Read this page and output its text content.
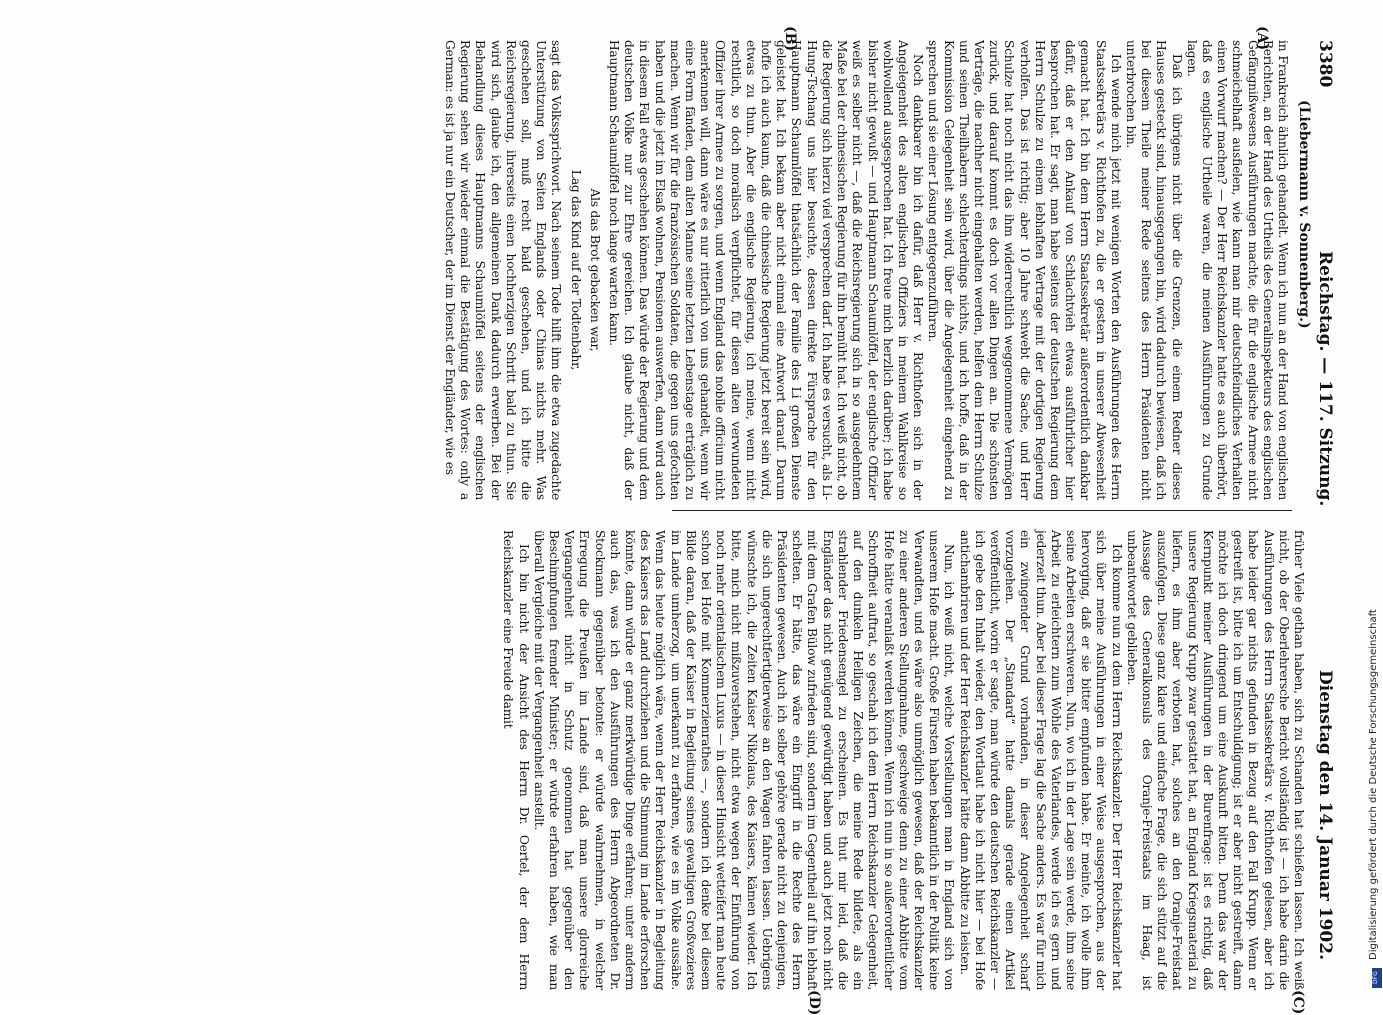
3380
Reichstag. — 117. Sitzung.
Dienstag den 14. Januar 1902.
(Liebermann v. Sonnenberg.)
(A)
(B)
(C)
(D)

in Frankreich ähnlich gehandelt. Wenn ich nun an der Hand von englischen Berichten, an der Hand des Urtheils des Generalinspekteurs des englischen Gefängnißwesens Ausführungen machte, die für die englische Armee nicht schmeichelhaft ausfielen, wie kann man mir deutschfeindliches Verhalten einen Vorwurf machen? — Der Herr Reichskanzler hatte es auch überhört, daß es englische Urtheile waren, die meinen Ausführungen zu Grunde lagen.

Daß ich übrigens nicht über die Grenzen, die einem Redner dieses Hauses gesteckt sind, hinausgegangen bin, wird dadurch bewiesen, daß ich bei diesem Theile meiner Rede seitens des Herrn Präsidenten nicht unterbrochen bin.

Ich wende mich jetzt mit wenigen Worten den Ausführungen des Herrn Staatssekretärs v. Richthofen zu, die er gestern in unserer Abwesenheit gemacht hat. Ich bin dem Herrn Staatssekretär außerordentlich dankbar dafür, daß er den Ankauf von Schlachtvieh etwas ausführlicher hier besprochen hat. Er sagt, man habe seitens der deutschen Regierung dem Herrn Schulze zu einem lebhaften Vertrage mit der dortigen Regierung verholfen. Das ist richtig; aber 10 Jahre schwebt die Sache, und Herr Schulze hat noch nicht das ihm widerrechtlich weggenommene Vermögen zurück, und darauf kommt es doch vor allen Dingen an. Die schönsten Verträge, die nachher nicht eingehalten werden, helfen dem Herrn Schulze und seinen Theilhabern schlechterdings nichts, und ich hoffe, daß in der Kommission Gelegenheit sein wird, über die Angelegenheit eingehend zu sprechen und sie einer Lösung entgegenzuführen.

Noch dankbarer bin ich dafür, daß Herr v. Richthofen sich in der Angelegenheit des alten englischen Offiziers in meinem Wahlkreise so wohlwollend ausgesprochen hat. Ich freue mich herzlich darüber; ich habe bisher nicht gewußt — und Hauptmann Schaumlöffel, der englische Offizier weiß es selber nicht —, daß die Reichsregierung sich in so ausgedehntem Maße bei der chinesischen Regierung für ihn bemüht hat. Ich weiß nicht, ob die Regierung sich hierzu viel versprechen darf. Ich habe es versucht, als Li-Hung-Tschang uns hier besuchte, dessen direkte Fürsprache für den Hauptmann Schaumlöffel thatsächlich der Familie des Li großen Dienste geleistet hat. Ich bekam aber nicht einmal eine Antwort darauf. Darum hoffe ich auch kaum, daß die chinesische Regierung jetzt bereit sein wird, etwas zu thun. Aber die englische Regierung, ich meine, wenn nicht rechtlich, so doch moralisch verpflichtet, für diesen alten verwundeten Offizier ihrer Armee zu sorgen, und wenn England das nobile officium nicht anerkennen will, dann wäre es nur ritterlich von uns gehandelt, wenn wir eine Form fänden, dem alten Manne seine letzten Lebenstage erträglich zu machen. Wenn wir für die französischen Soldaten, die gegen uns gefochten haben und die jetzt im Elsaß wohnen, Pensionen auswerfen, dann wird auch in diesem Fall etwas geschehen können. Das würde der Regierung und dem deutschen Volke nur zur Ehre gereichen. Ich glaube nicht, daß der Hauptmann Schaumlöffel noch lange warten kann.

Als das Brot gebacken war,

Lag das Kind auf der Todtenbahr,

sagt das Volkssprichwort. Nach seinem Tode hilft ihm die etwa zugedachte Unterstützung von Seiten Englands oder Chinas nichts mehr. Was geschehen soll, muß recht bald geschehen, und ich bitte die Reichsregierung, ihrerseits einen hochherzigen Schritt bald zu thun. Sie wird sich, glaube ich, den allgemeinen Dank dadurch erwerben. Bei der Behandlung dieses Hauptmanns Schaumlöffel seitens der englischen Regierung sehen wir wieder einmal die Bestätigung des Wortes: only a German: es ist ja nur ein Deutscher, der im Dienst der Engländer, wie es

früher Viele gethan haben, sich zu Schanden hat schießen lassen. Ich weiß nicht, ob der Oberlehrersche Bericht vollständig ist — ich habe darin die Ausführungen des Herrn Staatssekretärs v. Richthofen gelesen, aber ich habe leider gar nichts gefunden in Bezug auf den Fall Krupp. Wenn er gestreift ist, bitte ich um Entschuldigung; ist er aber nicht gestreift, dann möchte ich doch dringend um eine Auskunft bitten. Denn das war der Kernpunkt meiner Ausführungen in der Burenfrage: ist es richtig, daß unsere Regierung Krupp zwar gestattet hat, an England Kriegsmaterial zu liefern, es ihm aber verboten hat, solches an den Oranje-Freistaat auszufolgen. Diese ganz klare und einfache Frage, die sich stützt auf die Aussage des Generalkonsuls des Oranje-Freistaats im Haag, ist unbeantwortet geblieben.

Ich komme nun zu dem Herrn Reichskanzler. Der Herr Reichskanzler hat sich über meine Ausführungen in einer Weise ausgesprochen, aus der hervorging, daß er sie bitter empfunden habe. Er meinte, ich wolle ihm seine Arbeiten erschweren. Nun, wo ich in der Lage sein werde, ihm seine Arbeit zu erleichtern zum Wohle des Vaterlandes, werde ich es gern und jederzeit thun. Aber bei dieser Frage lag die Sache anders. Es war für mich ein zwingender Grund vorhanden, in dieser Angelegenheit scharf vorzugehen. Der „Standard“ hatte damals gerade einen Artikel veröffentlicht, worin er sagte, man würde den deutschen Reichskanzler — ich gebe den Inhalt wieder, den Wortlaut habe ich nicht hier — bei Hofe antichambriren und der Herr Reichskanzler hätte dann Abbitte zu leisten.

Nun, ich weiß nicht, welche Vorstellungen man in England sich von unserem Hofe macht. Große Fürsten haben bekanntlich in der Politik keine Verwandten, und es wäre also unmöglich gewesen, daß der Reichskanzler zu einer anderen Stellungnahme, geschweige denn zu einer Abbitte vom Hofe hätte veranlaßt werden können. Wenn ich nun in so außerordentlicher Schroffheit auftrat, so geschah ich dem Herrn Reichskanzler Gelegenheit, auf den dunkeln Heiligen Zeichen, die meine Rede bildete, als ein strahlender Friedensengel zu erscheinen. Es thut mir leid, daß die Engländer das nicht genügend gewürdigt haben und auch jetzt noch nicht mit dem Grafen Bülow zufrieden sind, sondern im Gegentheil auf ihn lebhaft schelten. Er hätte, das wäre ein Eingriff in die Rechte des Herrn Präsidenten gewesen. Auch ich selber gehöre gerade nicht zu denjenigen, die sich ungerechtfertigterweise an den Wagen fahren lassen. Uebrigens wünschte ich, die Zeiten Kaiser Nikolaus, des Kaisers, kämen wieder. Ich bitte, mich nicht mißzuverstehen, nicht etwa wegen der Einführung von noch mehr orientalischem Luxus — in dieser Hinsicht wetteifert man heute schon bei Hofe mit Kommerzienrathes —, sondern ich denke bei diesem Bilde daran, daß der Kaiser in Begleitung seines gewaltigen Großvezieres im Lande umherzog, um unerkannt zu erfahren, wie es im Volke aussähe. Wenn das heute möglich wäre, wenn der Herr Reichskanzler in Begleitung des Kaisers das Land durchziehen und die Stimmung im Lande erforschen könnte, dann würde er ganz merkwürdige Dinge erfahren; unter anderm auch das, was ich den Ausführungen des Herrn Abgeordneten Dr. Stockmann gegenüber betonte: er würde wahrnehmen, in welcher Erregung die Preußen im Lande sind, daß man unsere glorreiche Vergangenheit nicht in Schutz genommen hat gegenüber den Beschimpfungen fremder Minister; er würde erfahren haben, wie man überall Vergleiche mit der Vergangenheit anstellt.

Ich bin nicht der Ansicht des Herrn Dr. Oertel, der dem Herrn Reichskanzler eine Freude damit	Digitalisierung gefördert durch die Deutsche Forschungsgemeinschaft
DFG
